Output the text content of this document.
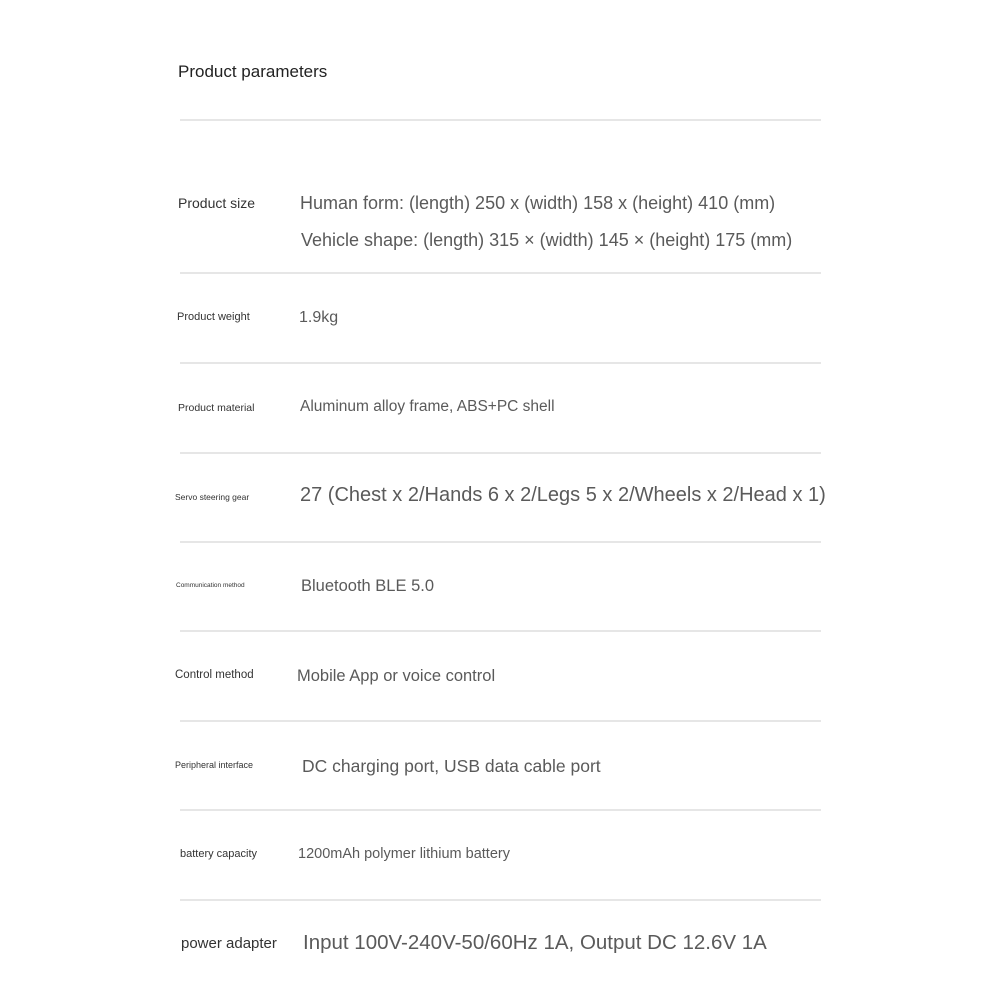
Product parameters
Product size Human form: (length) 250 x (width) 158 x (height) 410 (mm)
Vehicle shape: (length) 315 × (width) 145 × (height) 175 (mm)
Product weight	1.9kg
Product material	Aluminum alloy frame, ABS+PC shell
Servo steering gear	27 (Chest x 2/Hands 6 x 2/Legs 5 x 2/Wheels x 2/Head x 1)
Communication method	Bluetooth BLE 5.0
Control method	Mobile App or voice control
Peripheral interface	DC charging port, USB data cable port
battery capacity	1200mAh polymer lithium battery
power adapter Input 100V-240V-50/60Hz 1A, Output DC 12.6V 1A
